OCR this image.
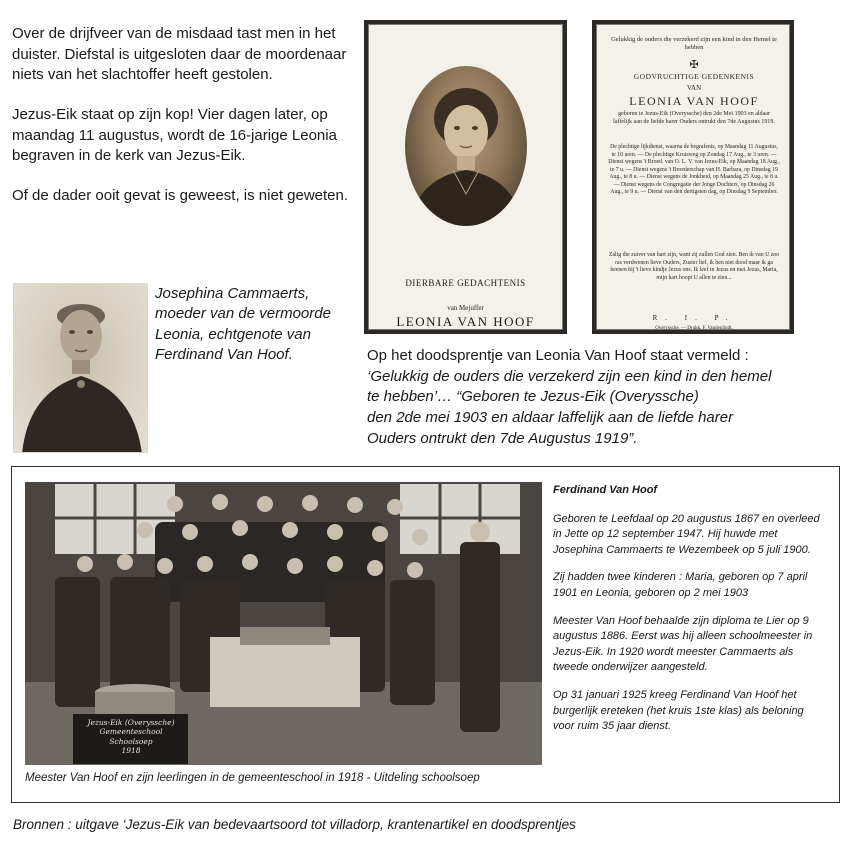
Over de drijfveer van de misdaad tast men in het duister. Diefstal is uitgesloten daar de moordenaar niets van het slachtoffer heeft gestolen.

Jezus-Eik staat op zijn kop! Vier dagen later, op maandag 11 augustus, wordt de 16-jarige Leonia begraven in de kerk van Jezus-Eik.

Of de dader ooit gevat is geweest, is niet geweten.

Josephina Cammaerts, moeder van de vermoorde Leonia, echtgenote van Ferdinand Van Hoof.
DIERBARE GEDACHTENIS
van Mejuffer
LEONIA VAN HOOF
Gelukkig de ouders die verzekerd zijn een kind in den Hemel te hebben
✠
GODVRUCHTIGE GEDENKENIS
VAN
LEONIA VAN HOOF
geboren te Jezus-Eik (Overyssche) den 2de Mei 1903 en aldaar laffelijk aan de liefde harer Ouders ontrukt den 7de Augustus 1919.
De plechtige lijkdienst, waarna de begrafenis, op Maandag 11 Augustus, te 10 uren. — De plechtige Kruisweg op Zondag 17 Aug., te 3 uren. — Dienst wegens 't Broed. van O. L. V. van Jezus-Eik, op Maandag 18 Aug., te 7 u. — Dienst wegens 't Broederschap van H. Barbara, op Dinsdag 19 Aug., te 8 u. — Dienst wegens de Jonkheid, op Maandag 25 Aug., te 8 u. — Dienst wegens de Congregatie der Jonge Dochters, op Dinsdag 26 Aug., te 9 u. — Dienst van den dertigsten dag, op Dinsdag 9 September.
Zalig die zuiver van hart zijn, want zij zullen God zien. Ben ik van U zoo ras verdwenen lieve Ouders, Zuster lief, ik ben niet dood maar ik ga heenen bij 't lieve kindje Jezus ons. Ik leef in Jezus en met Jezus, Maria, mijn hart hoopt U allen te zien...
R. I. P.
Overyssche, — Drukk. F. Vandenlindt.
Op het doodsprentje van Leonia Van Hoof staat vermeld :
‘Gelukkig de ouders die verzekerd zijn een kind in den hemel
te hebben’… “Geboren te Jezus-Eik (Overyssche)
den 2de mei 1903 en aldaar laffelijk aan de liefde harer
Ouders ontrukt den 7de Augustus 1919”.
Jezus-Eik (Overyssche)
Gemeenteschool
Schoolsoep
1918
Meester Van Hoof en zijn leerlingen in de gemeenteschool in 1918 - Uitdeling schoolsoep
Ferdinand Van Hoof

Geboren te Leefdaal op 20 augustus 1867 en overleed in Jette op 12 september 1947. Hij huwde met Josephina Cammaerts te Wezembeek op 5 juli 1900.

Zij hadden twee kinderen : Maria, geboren op 7 april 1901 en Leonia, geboren op 2 mei 1903

Meester Van Hoof behaalde zijn diploma te Lier op 9 augustus 1886. Eerst was hij alleen schoolmeester in Jezus-Eik. In 1920 wordt meester Cammaerts als tweede onderwijzer aangesteld.

Op 31 januari 1925 kreeg Ferdinand Van Hoof het burgerlijk ereteken (het kruis 1ste klas) als beloning voor ruim 35 jaar dienst.

Bronnen : uitgave ‘Jezus-Eik van bedevaartsoord tot villadorp, krantenartikel en doodsprentjes
